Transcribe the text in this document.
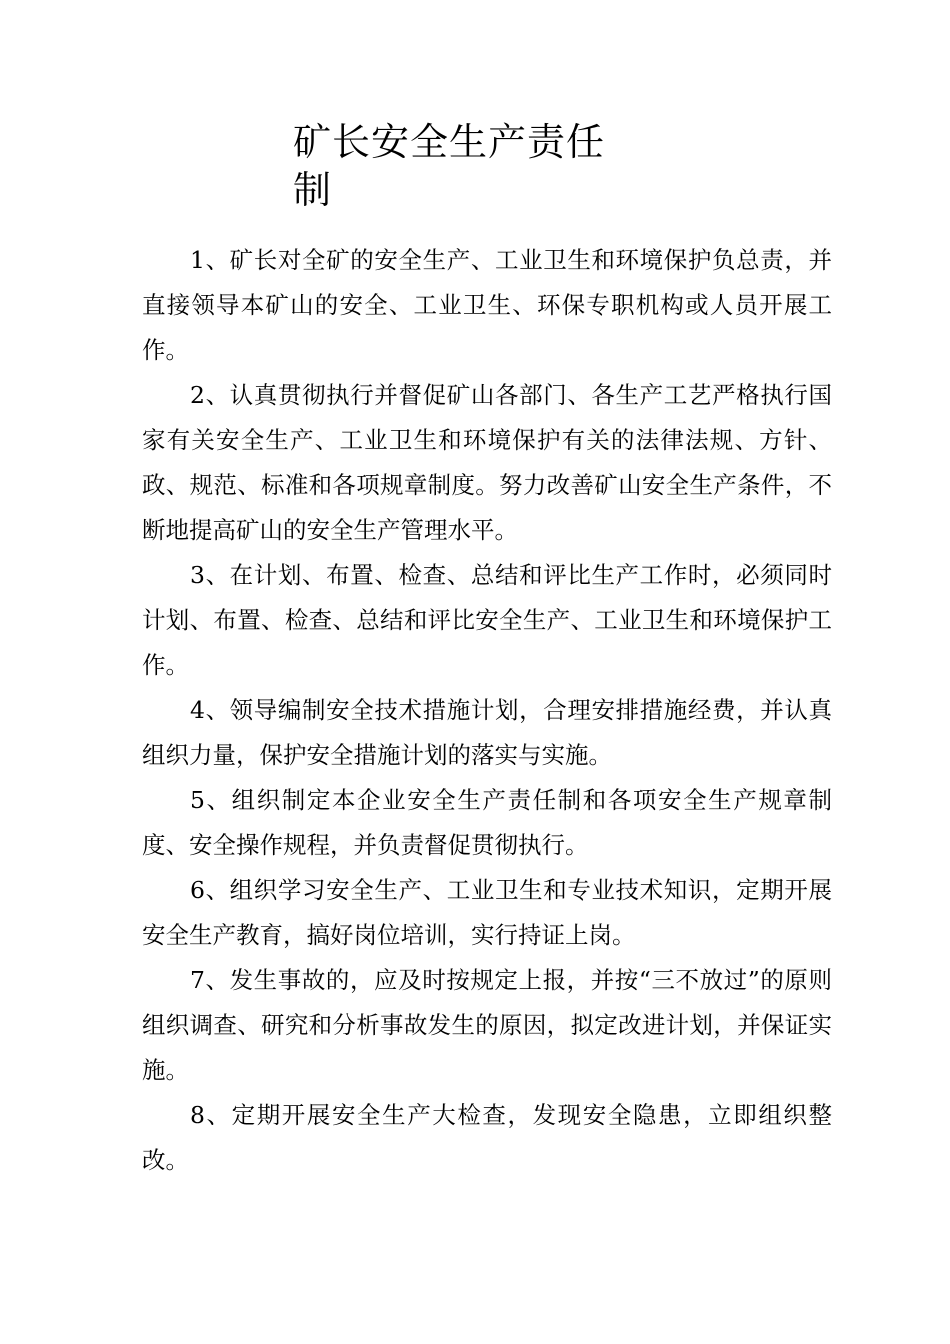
矿长安全生产责任制

1、矿长对全矿的安全生产、工业卫生和环境保护负总责，并直接领导本矿山的安全、工业卫生、环保专职机构或人员开展工作。

2、认真贯彻执行并督促矿山各部门、各生产工艺严格执行国家有关安全生产、工业卫生和环境保护有关的法律法规、方针、政、规范、标准和各项规章制度。努力改善矿山安全生产条件，不断地提高矿山的安全生产管理水平。

3、在计划、布置、检查、总结和评比生产工作时，必须同时计划、布置、检查、总结和评比安全生产、工业卫生和环境保护工作。

4、领导编制安全技术措施计划，合理安排措施经费，并认真组织力量，保护安全措施计划的落实与实施。

5、组织制定本企业安全生产责任制和各项安全生产规章制度、安全操作规程，并负责督促贯彻执行。

6、组织学习安全生产、工业卫生和专业技术知识，定期开展安全生产教育，搞好岗位培训，实行持证上岗。

7、发生事故的，应及时按规定上报，并按“三不放过”的原则组织调查、研究和分析事故发生的原因，拟定改进计划，并保证实施。

8、定期开展安全生产大检查，发现安全隐患，立即组织整改。
